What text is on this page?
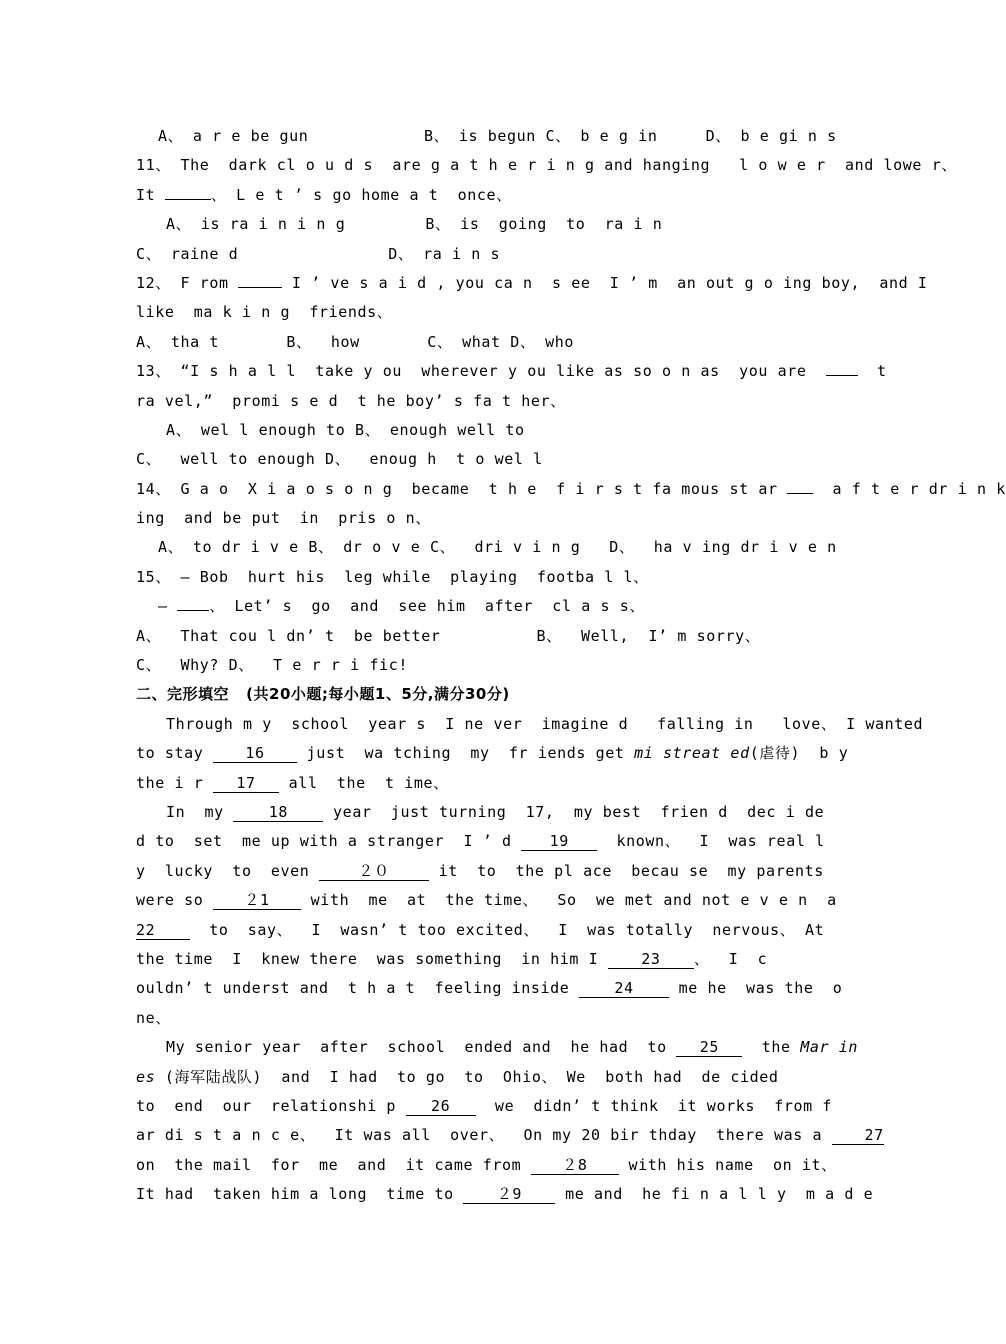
A、 a r e be gun            B、 is begun C、 b e g in     D、 b e gi n s
11、 The  dark cl o u d s  are g a t h e r i n g and hanging   l o w e r  and lowe r、
It	、 L e t ’ s go home a t  once、
A、 is ra i n i n g	B、 is  going  to  ra i n
C、 raine d	D、 ra i n s
12、 F rom	I ’ ve s a i d , you ca n  s ee  I ’ m  an out g o ing boy,  and I
like  ma k i n g  friends、
A、 tha t       B、  how       C、 what D、 who
13、 “I s h a l l  take y ou  wherever y ou like as so o n as  you are    t
ra vel,”  promi s e d  t he boy’ s fa t her、
A、 wel l enough to B、 enough well to
C、  well to enough D、  enoug h  t o wel l
14、 G a o  X i a o s o n g  became  t h e  f i r s t fa mous st ar   a f t e r dr i n k
ing  and be put  in  pris o n、
A、 to dr i v e B、 dr o v e C、  dri v i n g   D、  ha v ing dr i v e n
15、 — Bob  hurt his  leg while  playing  footba l l、
— 、 Let’ s  go  and  see him  after  cl a s s、
A、  That cou l dn’ t  be better	B、  Well,  I’ m sorry、
C、  Why? D、  T e r r i fic!
二、完形填空   (共20小题;每小题1、5分,满分30分)
Through m y  school  year s  I ne ver  imagine d   falling in   love、 I wanted
to stay 16 just  wa tching  my  fr iends get mi streat ed(虐待)  b y
the i r 17 all  the  t ime、
In  my 18 year  just turning  17,  my best  frien d  dec i de
d to  set  me up with a stranger  I ’ d 19  known、  I  was real l
y  lucky  to  even	２０	it  to  the pl ace  becau se  my parents
were so ２1 with  me  at  the time、  So  we met and not e v e n  a
22  to  say、  I  wasn’ t too excited、  I  was totally  nervous、 At
the time  I  knew there  was something  in him I 23 、  I  c
ouldn’ t underst and  t h a t  feeling inside 24 me he  was the  o
ne、
My senior year  after  school  ended and  he had  to 25  the Mar in
es (海军陆战队)  and  I had  to go  to  Ohio、 We  both had  de cided
to  end  our  relationshi p 26  we  didn’ t think  it works  from f
ar di s t a n c e、  It was all  over、  On my 20 bir thday  there was a 27
on  the mail  for  me  and  it came from ２8 with his name  on it、
It had  taken him a long  time to ２9 me and  he fi n a l l y  m a d e
